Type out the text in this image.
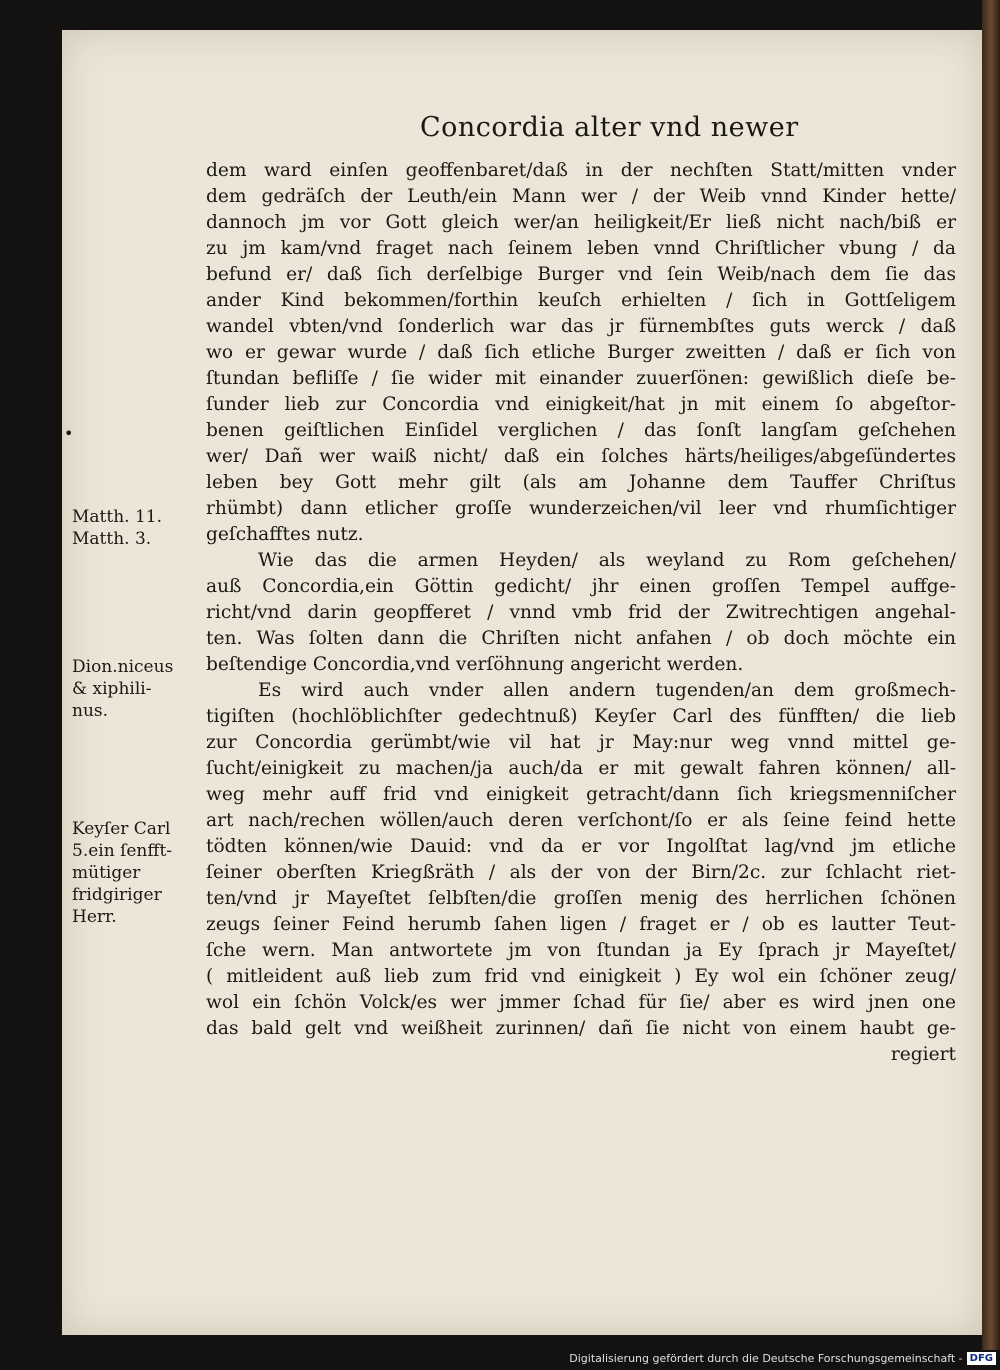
Concordia alter vnd newer
dem ward einſen geoffenbaret/daß in der nechſten Statt/mitten vnder
dem gedräſch der Leuth/ein Mann wer / der Weib vnnd Kinder hette/
dannoch jm vor Gott gleich wer/an heiligkeit/Er ließ nicht nach/biß er
zu jm kam/vnd fraget nach ſeinem leben vnnd Chriſtlicher vbung / da
befund er/ daß ſich derſelbige Burger vnd ſein Weib/nach dem ſie das
ander Kind bekommen/forthin keuſch erhielten / ſich in Gottſeligem
wandel vbten/vnd ſonderlich war das jr fürnembſtes guts werck / daß
wo er gewar wurde / daß ſich etliche Burger zweitten / daß er ſich von
ſtundan befliſſe / ſie wider mit einander zuuerſönen: gewißlich dieſe be-
ſunder lieb zur Concordia vnd einigkeit/hat jn mit einem ſo abgeſtor-
benen geiſtlichen Einſidel verglichen / das ſonſt langſam geſchehen
wer/ Dañ wer waiß nicht/ daß ein ſolches härts/heiliges/abgeſündertes
leben bey Gott mehr gilt (als am Johanne dem Tauffer Chriſtus
rhümbt) dann etlicher groſſe wunderzeichen/vil leer vnd rhumſichtiger
geſchafftes nutz.
Wie das die armen Heyden/ als weyland zu Rom geſchehen/
auß Concordia,ein Göttin gedicht/ jhr einen groſſen Tempel auffge-
richt/vnd darin geopfferet / vnnd vmb frid der Zwitrechtigen angehal-
ten. Was ſolten dann die Chriſten nicht anfahen / ob doch möchte ein
beſtendige Concordia,vnd verſöhnung angericht werden.
Es wird auch vnder allen andern tugenden/an dem großmech-
tigiſten (hochlöblichſter gedechtnuß) Keyſer Carl des fünfften/ die lieb
zur Concordia gerümbt/wie vil hat jr May:nur weg vnnd mittel ge-
ſucht/einigkeit zu machen/ja auch/da er mit gewalt fahren können/ all-
weg mehr auff frid vnd einigkeit getracht/dann ſich kriegsmenniſcher
art nach/rechen wöllen/auch deren verſchont/ſo er als ſeine feind hette
tödten können/wie Dauid: vnd da er vor Ingolſtat lag/vnd jm etliche
ſeiner oberſten Kriegßräth / als der von der Birn/2c. zur ſchlacht riet-
ten/vnd jr Mayeſtet ſelbſten/die groſſen menig des herrlichen ſchönen
zeugs ſeiner Feind herumb ſahen ligen / fraget er / ob es lautter Teut-
ſche wern. Man antwortete jm von ſtundan ja Ey ſprach jr Mayeſtet/
( mitleident auß lieb zum frid vnd einigkeit ) Ey wol ein ſchöner zeug/
wol ein ſchön Volck/es wer jmmer ſchad für ſie/ aber es wird jnen one
das bald gelt vnd weißheit zurinnen/ dañ ſie nicht von einem haubt ge-
regiert
•
Matth. 11.
Matth. 3.
Dion.niceus
& xiphili-
nus.
Keyſer Carl
5.ein ſenfft-
mütiger
fridgiriger
Herr.
Digitalisierung gefördert durch die Deutsche Forschungsgemeinschaft - DFG
